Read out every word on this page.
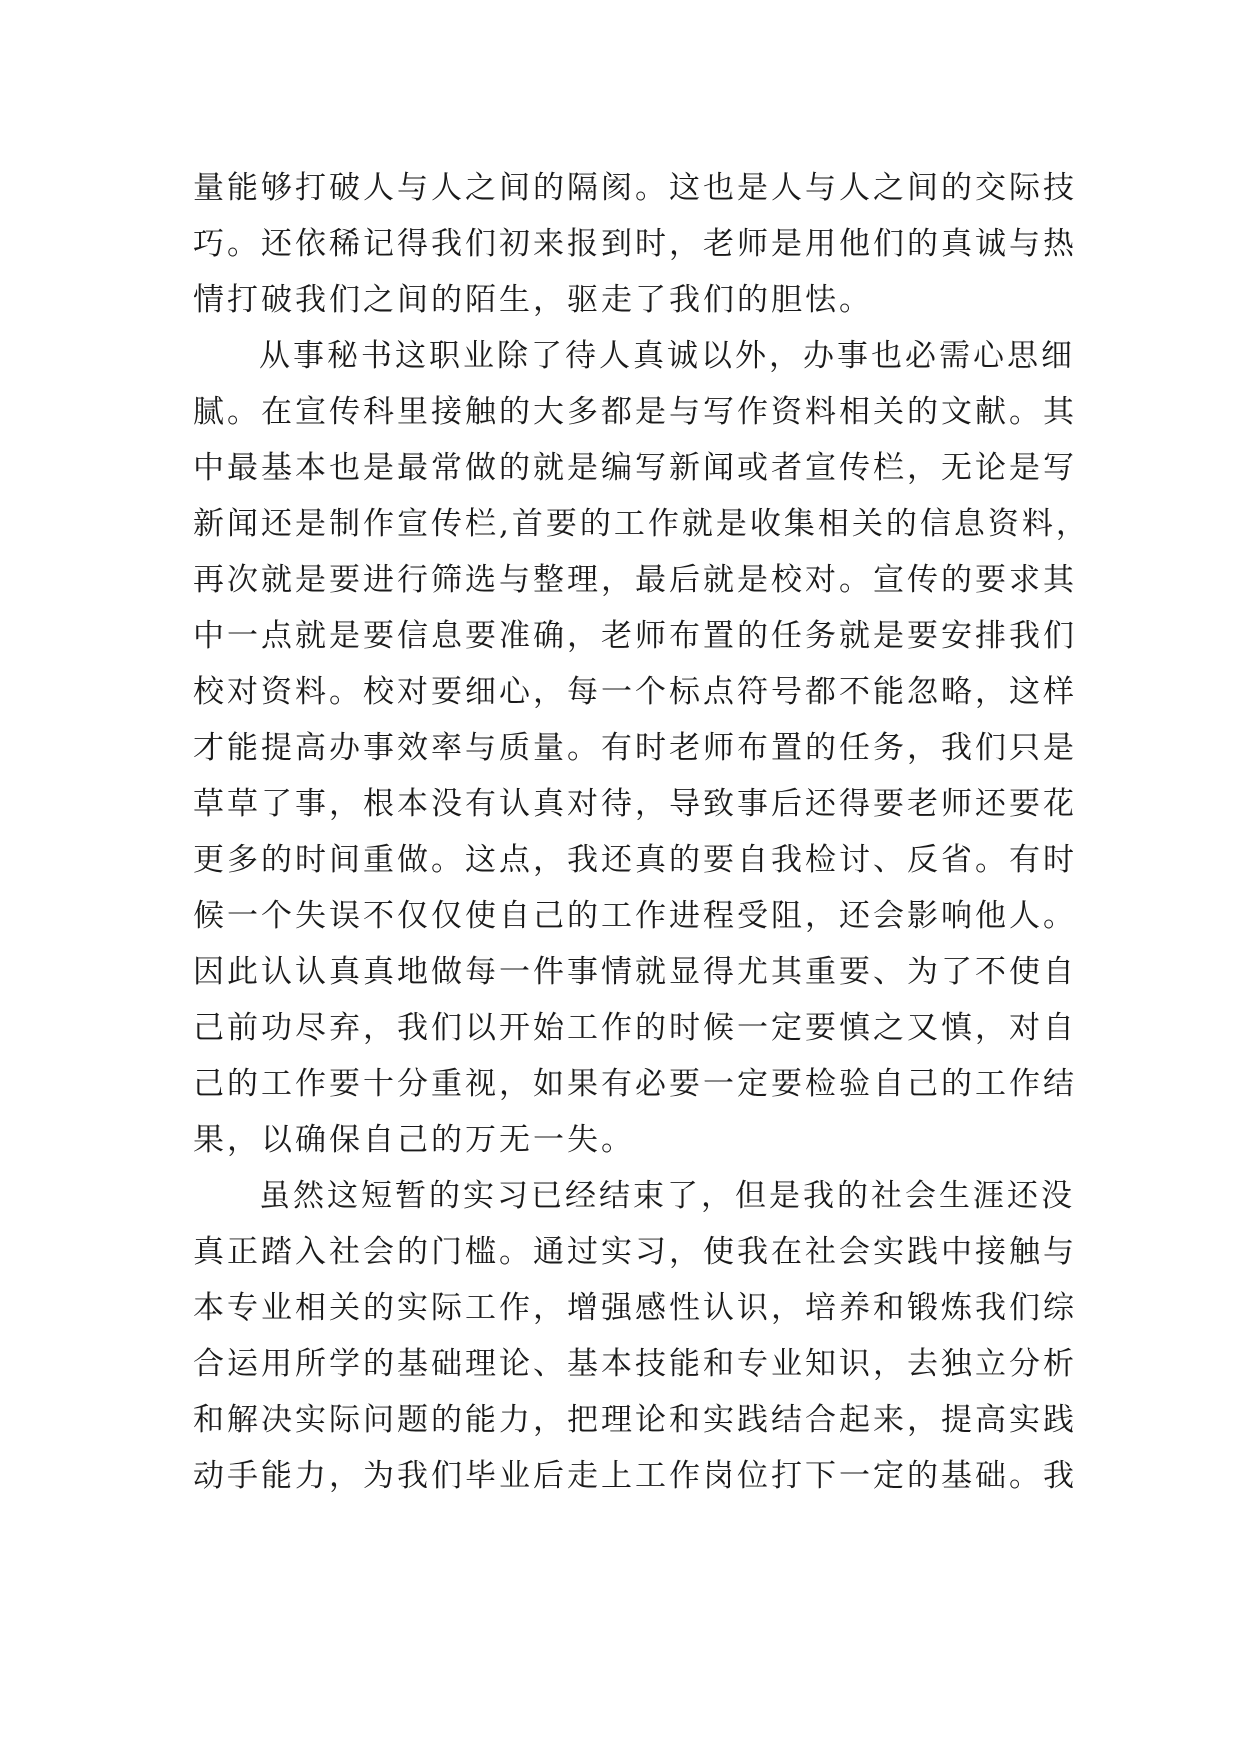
量能够打破人与人之间的隔阂。这也是人与人之间的交际技
巧。还依稀记得我们初来报到时，老师是用他们的真诚与热
情打破我们之间的陌生，驱走了我们的胆怯。
从事秘书这职业除了待人真诚以外，办事也必需心思细
腻。在宣传科里接触的大多都是与写作资料相关的文献。其
中最基本也是最常做的就是编写新闻或者宣传栏，无论是写
新闻还是制作宣传栏,首要的工作就是收集相关的信息资料，
再次就是要进行筛选与整理，最后就是校对。宣传的要求其
中一点就是要信息要准确，老师布置的任务就是要安排我们
校对资料。校对要细心，每一个标点符号都不能忽略，这样
才能提高办事效率与质量。有时老师布置的任务，我们只是
草草了事，根本没有认真对待，导致事后还得要老师还要花
更多的时间重做。这点，我还真的要自我检讨、反省。有时
候一个失误不仅仅使自己的工作进程受阻，还会影响他人。
因此认认真真地做每一件事情就显得尤其重要、为了不使自
己前功尽弃，我们以开始工作的时候一定要慎之又慎，对自
己的工作要十分重视，如果有必要一定要检验自己的工作结
果，以确保自己的万无一失。
虽然这短暂的实习已经结束了，但是我的社会生涯还没
真正踏入社会的门槛。通过实习，使我在社会实践中接触与
本专业相关的实际工作，增强感性认识，培养和锻炼我们综
合运用所学的基础理论、基本技能和专业知识，去独立分析
和解决实际问题的能力，把理论和实践结合起来，提高实践
动手能力，为我们毕业后走上工作岗位打下一定的基础。我
